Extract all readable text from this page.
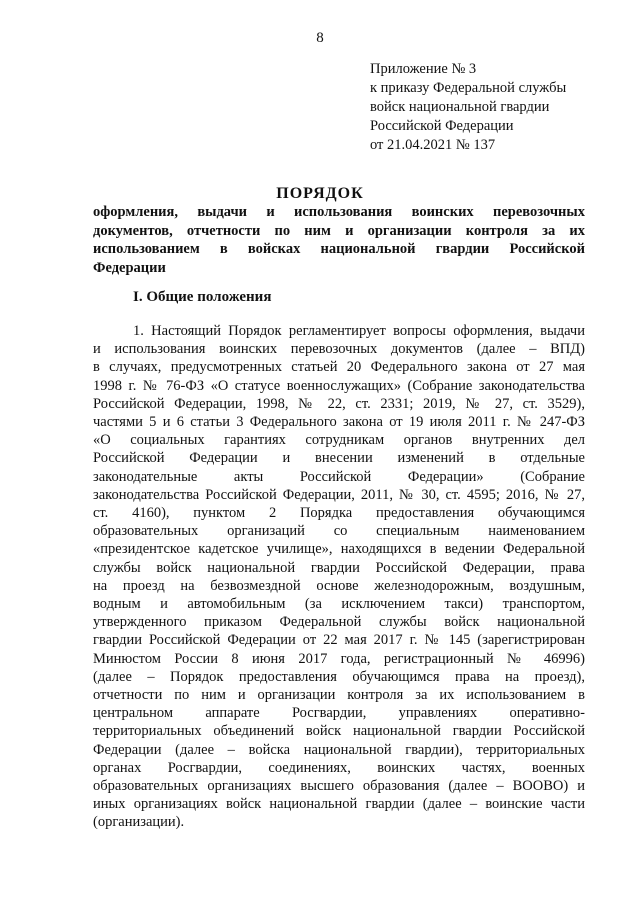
8
Приложение № 3
к приказу Федеральной службы
войск национальной гвардии
Российской Федерации
от 21.04.2021 № 137
ПОРЯДОК
оформления, выдачи и использования воинских перевозочных
документов, отчетности по ним и организации контроля за их
использованием в войсках национальной гвардии Российской
Федерации
I. Общие положения
1. Настоящий Порядок регламентирует вопросы оформления, выдачи
и использования воинских перевозочных документов (далее – ВПД)
в случаях, предусмотренных статьей 20 Федерального закона от 27 мая
1998 г. № 76-ФЗ «О статусе военнослужащих» (Собрание законодательства
Российской Федерации, 1998, № 22, ст. 2331; 2019, № 27, ст. 3529),
частями 5 и 6 статьи 3 Федерального закона от 19 июля 2011 г. № 247-ФЗ
«О социальных гарантиях сотрудникам органов внутренних дел
Российской Федерации и внесении изменений в отдельные
законодательные акты Российской Федерации» (Собрание
законодательства Российской Федерации, 2011, № 30, ст. 4595; 2016, № 27,
ст. 4160), пунктом 2 Порядка предоставления обучающимся
образовательных организаций со специальным наименованием
«президентское кадетское училище», находящихся в ведении Федеральной
службы войск национальной гвардии Российской Федерации, права
на проезд на безвозмездной основе железнодорожным, воздушным,
водным и автомобильным (за исключением такси) транспортом,
утвержденного приказом Федеральной службы войск национальной
гвардии Российской Федерации от 22 мая 2017 г. № 145 (зарегистрирован
Минюстом России 8 июня 2017 года, регистрационный № 46996)
(далее – Порядок предоставления обучающимся права на проезд),
отчетности по ним и организации контроля за их использованием в
центральном аппарате Росгвардии, управлениях оперативно-
территориальных объединений войск национальной гвардии Российской
Федерации (далее – войска национальной гвардии), территориальных
органах Росгвардии, соединениях, воинских частях, военных
образовательных организациях высшего образования (далее – ВООВО) и
иных организациях войск национальной гвардии (далее – воинские части
(организации).
